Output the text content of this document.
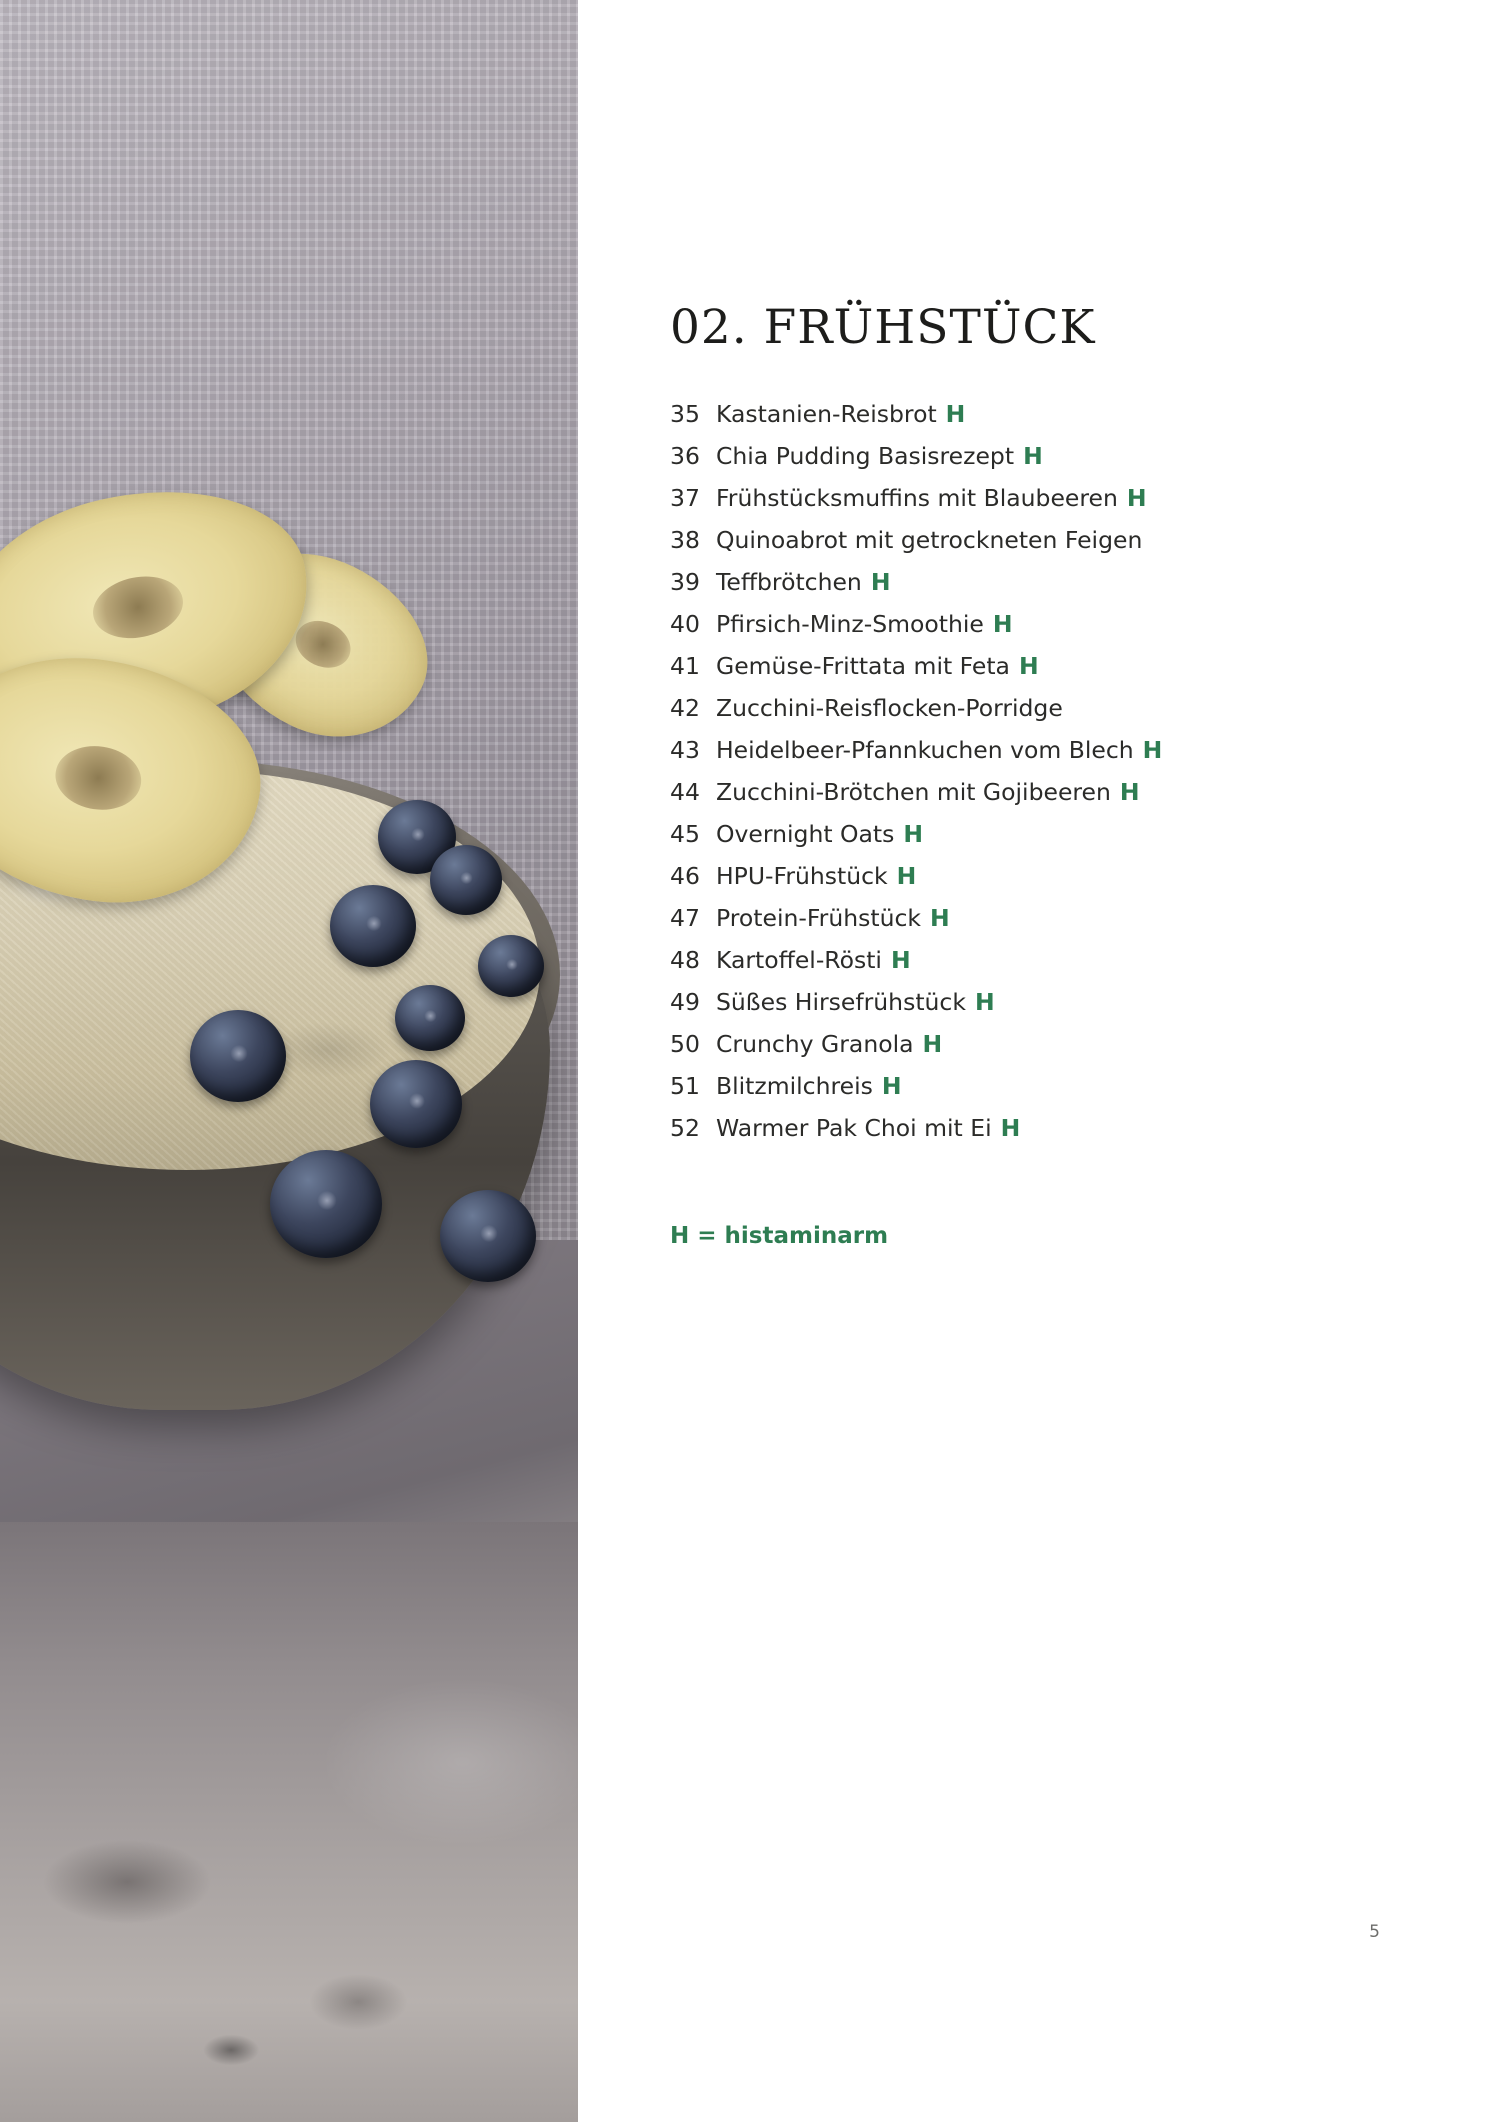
02. FRÜHSTÜCK
35 Kastanien-Reisbrot H
36 Chia Pudding Basisrezept H
37 Frühstücksmuffins mit Blaubeeren H
38 Quinoabrot mit getrockneten Feigen
39 Teffbrötchen H
40 Pfirsich-Minz-Smoothie H
41 Gemüse-Frittata mit Feta H
42 Zucchini-Reisflocken-Porridge
43 Heidelbeer-Pfannkuchen vom Blech H
44 Zucchini-Brötchen mit Gojibeeren H
45 Overnight Oats H
46 HPU-Frühstück H
47 Protein-Frühstück H
48 Kartoffel-Rösti H
49 Süßes Hirsefrühstück H
50 Crunchy Granola H
51 Blitzmilchreis H
52 Warmer Pak Choi mit Ei H
H = histaminarm
5
